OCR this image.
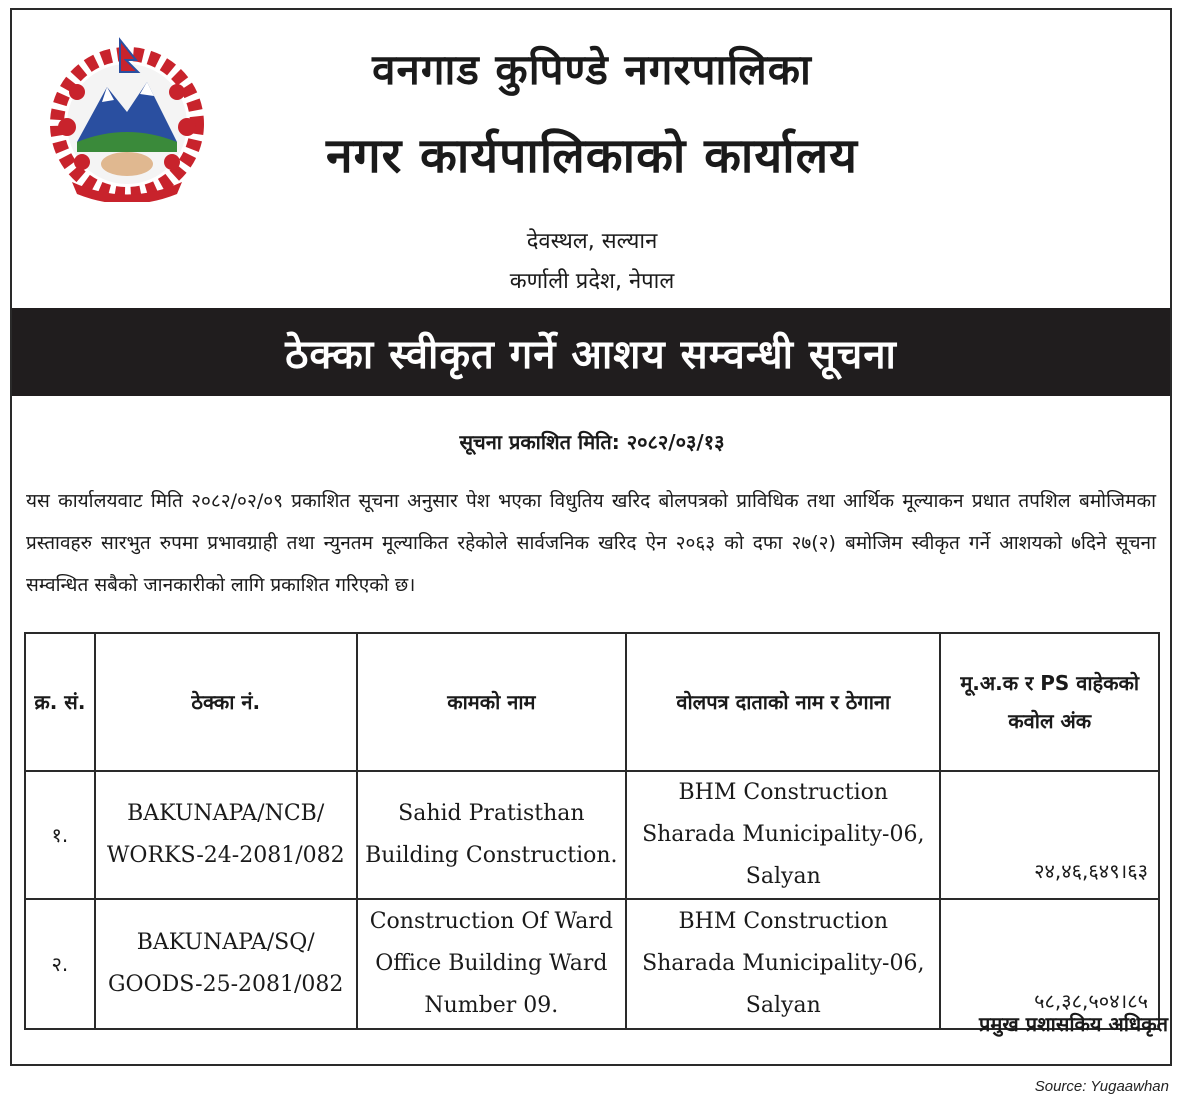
वनगाड कुपिण्डे नगरपालिका
नगर कार्यपालिकाको कार्यालय
देवस्थल, सल्यान
कर्णाली प्रदेश, नेपाल
ठेक्का स्वीकृत गर्ने आशय सम्वन्धी सूचना
सूचना प्रकाशित मिति: २०८२/०३/१३
यस कार्यालयवाट मिति २०८२/०२/०९ प्रकाशित सूचना अनुसार पेश भएका विधुतिय खरिद बोलपत्रको प्राविधिक तथा आर्थिक मूल्याकन प्रधात तपशिल बमोजिमका प्रस्तावहरु सारभुत रुपमा प्रभावग्राही तथा न्युनतम मूल्याकित रहेकोले सार्वजनिक खरिद ऐन २०६३ को दफा २७(२) बमोजिम स्वीकृत गर्ने आशयको ७दिने सूचना सम्वन्धित सबैको जानकारीको लागि प्रकाशित गरिएको छ।
क्र. सं.	ठेक्का नं.	कामको नाम	वोलपत्र दाताको नाम र ठेगाना	मू.अ.क र PS वाहेकको कवोल अंक
१.	BAKUNAPA/NCB/ WORKS-24-2081/082	Sahid Pratisthan Building Construction.	BHM Construction Sharada Municipality-06, Salyan	२४,४६,६४९।६३
२.	BAKUNAPA/SQ/ GOODS-25-2081/082	Construction Of Ward Office Building Ward Number 09.	BHM Construction Sharada Municipality-06, Salyan	५८,३८,५०४।८५
प्रमुख प्रशासकिय अधिकृत
Source: Yugaawhan
